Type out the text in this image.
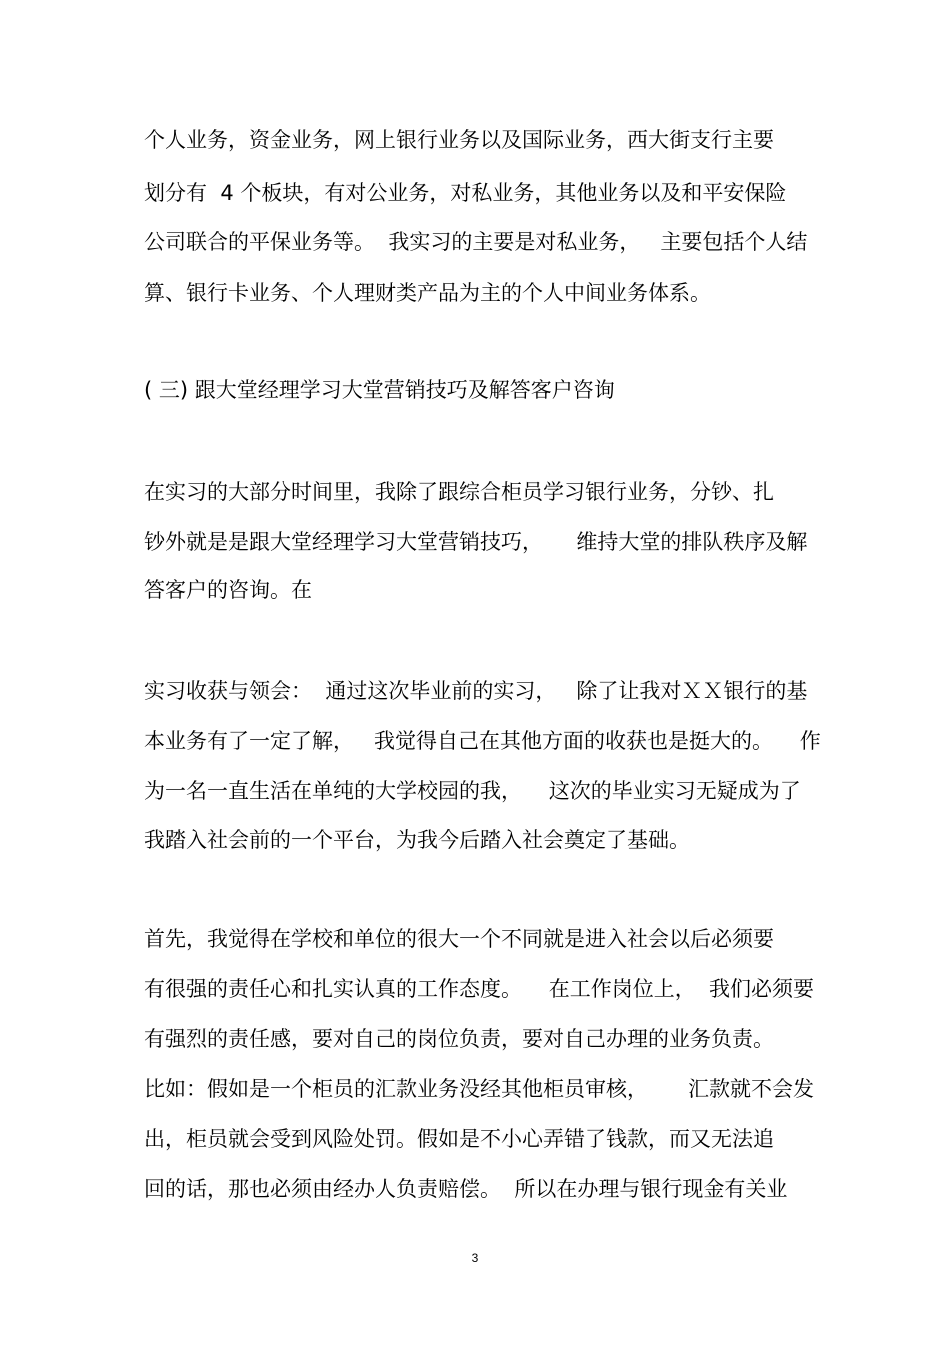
个人业务，资金业务，网上银行业务以及国际业务，西大街支行主要
划分有  4 个板块，有对公业务，对私业务，其他业务以及和平安保险
公司联合的平保业务等。  我实习的主要是对私业务，   主要包括个人结
算、银行卡业务、个人理财类产品为主的个人中间业务体系。
( 三) 跟大堂经理学习大堂营销技巧及解答客户咨询
在实习的大部分时间里，我除了跟综合柜员学习银行业务，分钞、扎
钞外就是是跟大堂经理学习大堂营销技巧，     维持大堂的排队秩序及解
答客户的咨询。在
实习收获与领会：  通过这次毕业前的实习，   除了让我对ＸＸ银行的基
本业务有了一定了解，   我觉得自己在其他方面的收获也是挺大的。    作
为一名一直生活在单纯的大学校园的我，    这次的毕业实习无疑成为了
我踏入社会前的一个平台，为我今后踏入社会奠定了基础。
首先，我觉得在学校和单位的很大一个不同就是进入社会以后必须要
有很强的责任心和扎实认真的工作态度。    在工作岗位上，  我们必须要
有强烈的责任感，要对自己的岗位负责，要对自己办理的业务负责。
比如：假如是一个柜员的汇款业务没经其他柜员审核，      汇款就不会发
出，柜员就会受到风险处罚。假如是不小心弄错了钱款，而又无法追
回的话，那也必须由经办人负责赔偿。  所以在办理与银行现金有关业
3
